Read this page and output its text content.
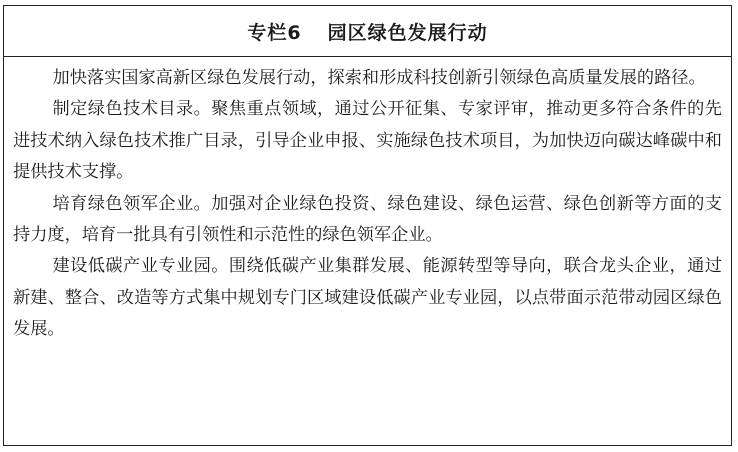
专栏6 园区绿色发展行动

加快落实国家高新区绿色发展行动，探索和形成科技创新引领绿色高质量发展的路径。

制定绿色技术目录。聚焦重点领域，通过公开征集、专家评审，推动更多符合条件的先进技术纳入绿色技术推广目录，引导企业申报、实施绿色技术项目，为加快迈向碳达峰碳中和提供技术支撑。

培育绿色领军企业。加强对企业绿色投资、绿色建设、绿色运营、绿色创新等方面的支持力度，培育一批具有引领性和示范性的绿色领军企业。

建设低碳产业专业园。围绕低碳产业集群发展、能源转型等导向，联合龙头企业，通过新建、整合、改造等方式集中规划专门区域建设低碳产业专业园，以点带面示范带动园区绿色发展。
